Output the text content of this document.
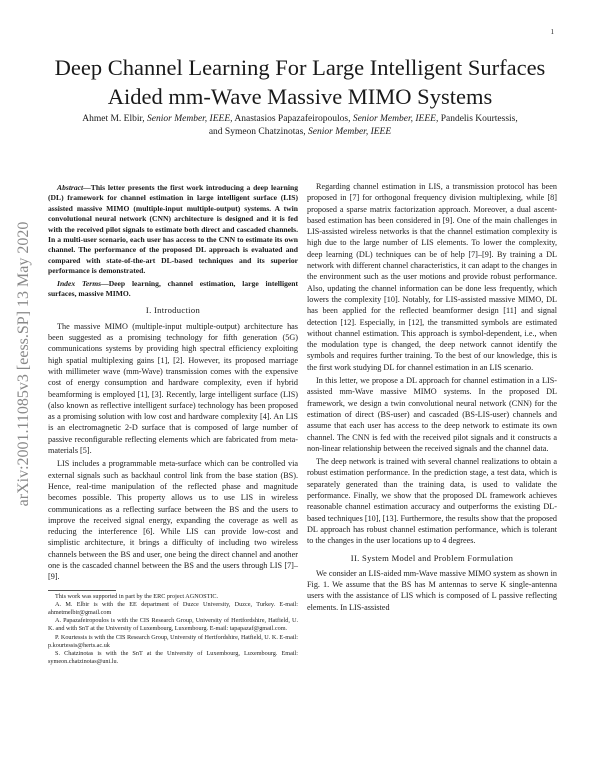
1
arXiv:2001.11085v3 [eess.SP] 13 May 2020
Deep Channel Learning For Large Intelligent Surfaces Aided mm-Wave Massive MIMO Systems
Ahmet M. Elbir, Senior Member, IEEE, Anastasios Papazafeiropoulos, Senior Member, IEEE, Pandelis Kourtessis,
and Symeon Chatzinotas, Senior Member, IEEE

Abstract—This letter presents the first work introducing a deep learning (DL) framework for channel estimation in large intelligent surface (LIS) assisted massive MIMO (multiple-input multiple-output) systems. A twin convolutional neural network (CNN) architecture is designed and it is fed with the received pilot signals to estimate both direct and cascaded channels. In a multi-user scenario, each user has access to the CNN to estimate its own channel. The performance of the proposed DL approach is evaluated and compared with state-of-the-art DL-based techniques and its superior performance is demonstrated.

Index Terms—Deep learning, channel estimation, large intelligent surfaces, massive MIMO.

I. Introduction

The massive MIMO (multiple-input multiple-output) architecture has been suggested as a promising technology for fifth generation (5G) communications systems by providing high spectral efficiency exploiting high spatial multiplexing gains [1], [2]. However, its proposed marriage with millimeter wave (mm-Wave) transmission comes with the expensive cost of energy consumption and hardware complexity, even if hybrid beamforming is employed [1], [3]. Recently, large intelligent surface (LIS) (also known as reflective intelligent surface) technology has been proposed as a promising solution with low cost and hardware complexity [4]. An LIS is an electromagnetic 2-D surface that is composed of large number of passive reconfigurable reflecting elements which are fabricated from meta-materials [5].

LIS includes a programmable meta-surface which can be controlled via external signals such as backhaul control link from the base station (BS). Hence, real-time manipulation of the reflected phase and magnitude becomes possible. This property allows us to use LIS in wireless communications as a reflecting surface between the BS and the users to improve the received signal energy, expanding the coverage as well as reducing the interference [6]. While LIS can provide low-cost and simplistic architecture, it brings a difficulty of including two wireless channels between the BS and user, one being the direct channel and another one is the cascaded channel between the BS and the users through LIS [7]–[9].

This work was supported in part by the ERC project AGNOSTIC.

A. M. Elbir is with the EE department of Duzce University, Duzce, Turkey. E-mail: ahmetmelbir@gmail.com

A. Papazafeiropoulos is with the CIS Research Group, University of Hertfordshire, Hatfield, U. K. and with SnT at the University of Luxembourg, Luxembourg. E-mail: tapapazaf@gmail.com.

P. Kourtessis is with the CIS Research Group, University of Hertfordshire, Hatfield, U. K. E-mail: p.kourtessis@herts.ac.uk

S. Chatzinotas is with the SnT at the University of Luxembourg, Luxembourg. Email: symeon.chatzinotas@uni.lu.

Regarding channel estimation in LIS, a transmission protocol has been proposed in [7] for orthogonal frequency division multiplexing, while [8] proposed a sparse matrix factorization approach. Moreover, a dual ascent-based estimation has been considered in [9]. One of the main challenges in LIS-assisted wireless networks is that the channel estimation complexity is high due to the large number of LIS elements. To lower the complexity, deep learning (DL) techniques can be of help [7]–[9]. By training a DL network with different channel characteristics, it can adapt to the changes in the environment such as the user motions and provide robust performance. Also, updating the channel information can be done less frequently, which lowers the complexity [10]. Notably, for LIS-assisted massive MIMO, DL has been applied for the reflected beamformer design [11] and signal detection [12]. Especially, in [12], the transmitted symbols are estimated without channel estimation. This approach is symbol-dependent, i.e., when the modulation type is changed, the deep network cannot identify the symbols and requires further training. To the best of our knowledge, this is the first work studying DL for channel estimation in an LIS scenario.

In this letter, we propose a DL approach for channel estimation in a LIS-assisted mm-Wave massive MIMO systems. In the proposed DL framework, we design a twin convolutional neural network (CNN) for the estimation of direct (BS-user) and cascaded (BS-LIS-user) channels and assume that each user has access to the deep network to estimate its own channel. The CNN is fed with the received pilot signals and it constructs a non-linear relationship between the received signals and the channel data.

The deep network is trained with several channel realizations to obtain a robust estimation performance. In the prediction stage, a test data, which is separately generated than the training data, is used to validate the performance. Finally, we show that the proposed DL framework achieves reasonable channel estimation accuracy and outperforms the existing DL-based techniques [10], [13]. Furthermore, the results show that the proposed DL approach has robust channel estimation performance, which is tolerant to the changes in the user locations up to 4 degrees.

II. System Model and Problem Formulation

We consider an LIS-aided mm-Wave massive MIMO system as shown in Fig. 1. We assume that the BS has M antennas to serve K single-antenna users with the assistance of LIS which is composed of L passive reflecting elements. In LIS-assisted
